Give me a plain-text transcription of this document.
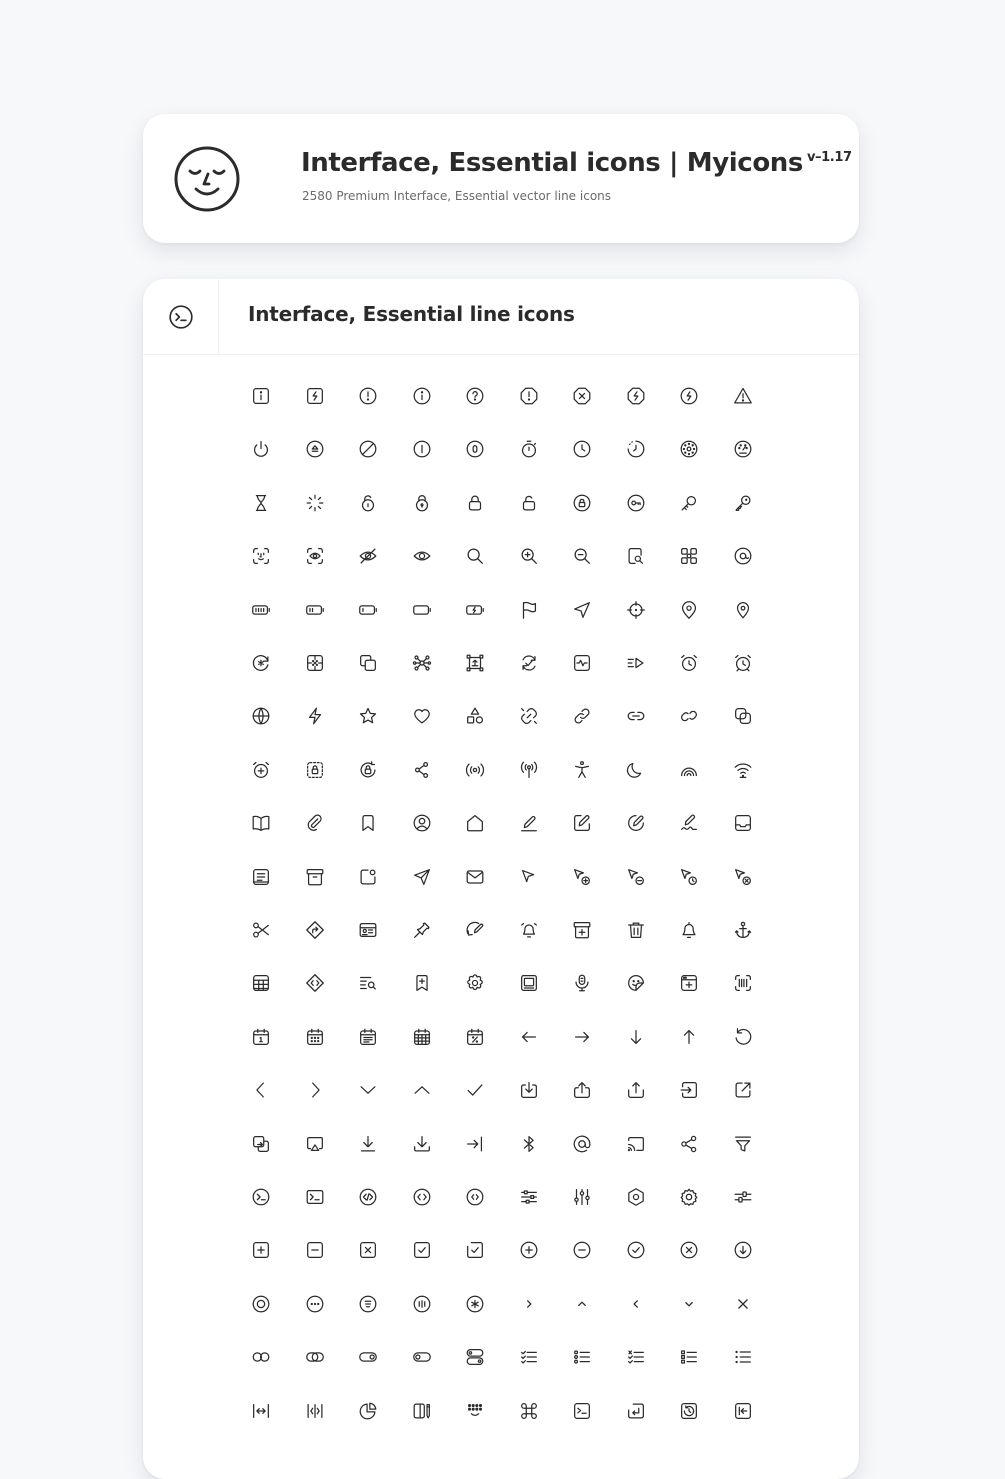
Interface, Essential icons | Myicons $^{v-1.17}$
2580 Premium Interface, Essential vector line icons
Interface, Essential line icons
